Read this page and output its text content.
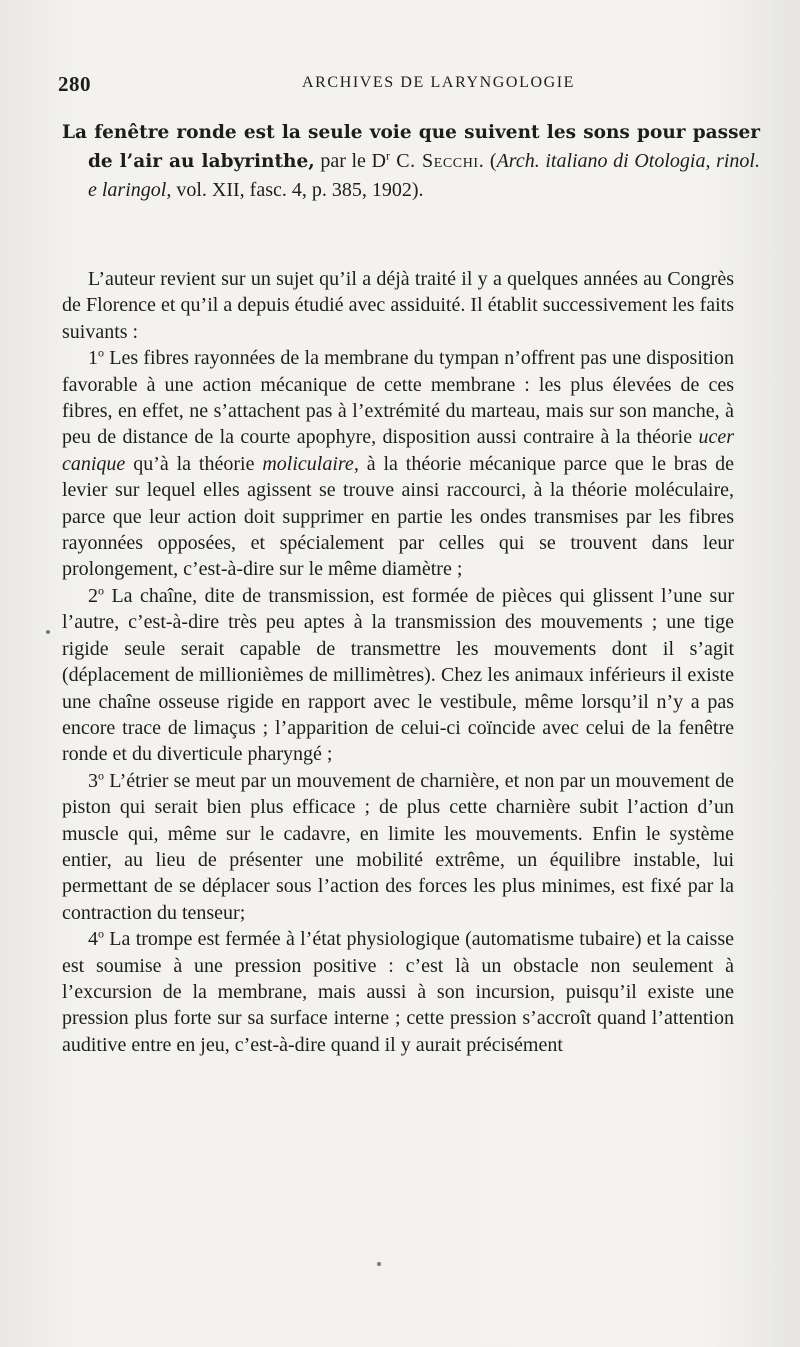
280	ARCHIVES DE LARYNGOLOGIE
La fenêtre ronde est la seule voie que suivent les sons pour passer de l’air au labyrinthe, par le $D^r$ C. Secchi. (Arch. italiano di Otologia, rinol. e laringol, vol. XII, fasc. 4, p. 385, 1902).

L’auteur revient sur un sujet qu’il a déjà traité il y a quelques années au Congrès de Florence et qu’il a depuis étudié avec assiduité. Il établit successivement les faits suivants :

1$^o$ Les fibres rayonnées de la membrane du tympan n’offrent pas une disposition favorable à une action mécanique de cette membrane : les plus élevées de ces fibres, en effet, ne s’attachent pas à l’extrémité du marteau, mais sur son manche, à peu de distance de la courte apophyre, disposition aussi contraire à la théorie ucer canique qu’à la théorie moliculaire, à la théorie mécanique parce que le bras de levier sur lequel elles agissent se trouve ainsi raccourci, à la théorie moléculaire, parce que leur action doit supprimer en partie les ondes transmises par les fibres rayonnées opposées, et spécialement par celles qui se trouvent dans leur prolongement, c’est-à-dire sur le même diamètre ;

2$^o$ La chaîne, dite de transmission, est formée de pièces qui glissent l’une sur l’autre, c’est-à-dire très peu aptes à la transmission des mouvements ; une tige rigide seule serait capable de transmettre les mouvements dont il s’agit (déplacement de millionièmes de millimètres). Chez les animaux inférieurs il existe une chaîne osseuse rigide en rapport avec le vestibule, même lorsqu’il n’y a pas encore trace de limaçus ; l’apparition de celui-ci coïncide avec celui de la fenêtre ronde et du diverticule pharyngé ;

3$^o$ L’étrier se meut par un mouvement de charnière, et non par un mouvement de piston qui serait bien plus efficace ; de plus cette charnière subit l’action d’un muscle qui, même sur le cadavre, en limite les mouvements. Enfin le système entier, au lieu de présenter une mobilité extrême, un équilibre instable, lui permettant de se déplacer sous l’action des forces les plus minimes, est fixé par la contraction du tenseur;

4$^o$ La trompe est fermée à l’état physiologique (automatisme tubaire) et la caisse est soumise à une pression positive : c’est là un obstacle non seulement à l’excursion de la membrane, mais aussi à son incursion, puisqu’il existe une pression plus forte sur sa surface interne ; cette pression s’accroît quand l’attention auditive entre en jeu, c’est-à-dire quand il y aurait précisément
